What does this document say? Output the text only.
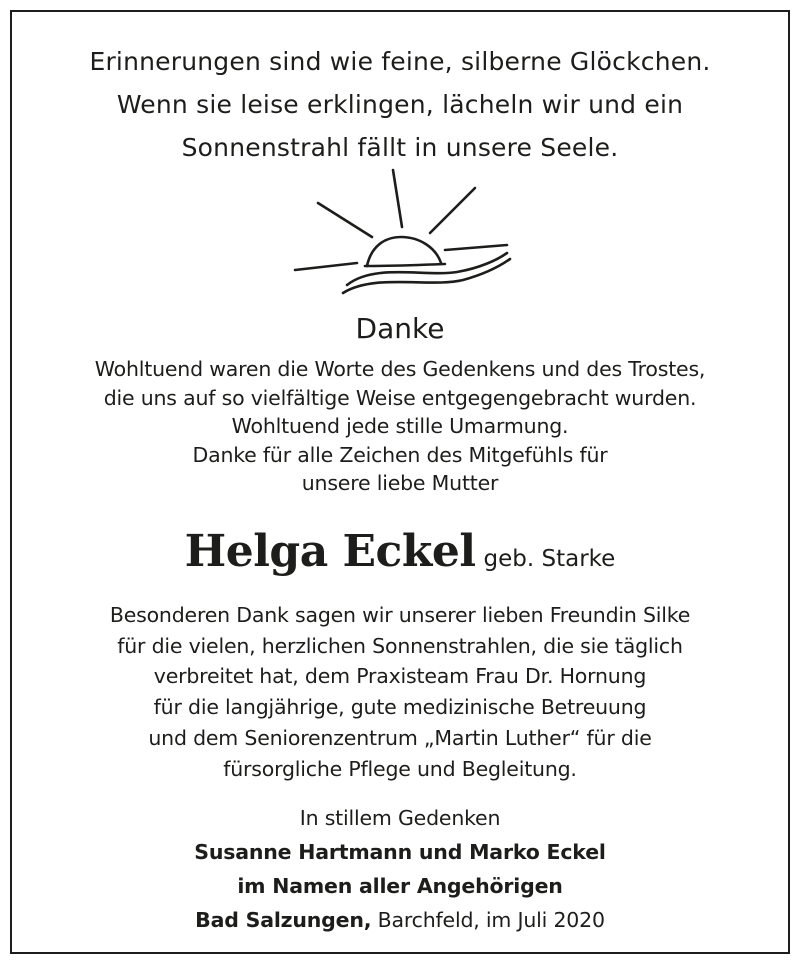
Erinnerungen sind wie feine, silberne Glöckchen.
Wenn sie leise erklingen, lächeln wir und ein
Sonnenstrahl fällt in unsere Seele.
Danke
Wohltuend waren die Worte des Gedenkens und des Trostes,
die uns auf so vielfältige Weise entgegengebracht wurden.
Wohltuend jede stille Umarmung.
Danke für alle Zeichen des Mitgefühls für
unsere liebe Mutter
Helga Eckel geb. Starke
Besonderen Dank sagen wir unserer lieben Freundin Silke
für die vielen, herzlichen Sonnenstrahlen, die sie täglich
verbreitet hat, dem Praxisteam Frau Dr. Hornung
für die langjährige, gute medizinische Betreuung
und dem Seniorenzentrum „Martin Luther“ für die
fürsorgliche Pflege und Begleitung.
In stillem Gedenken
Susanne Hartmann und Marko Eckel
im Namen aller Angehörigen
Bad Salzungen, Barchfeld, im Juli 2020
